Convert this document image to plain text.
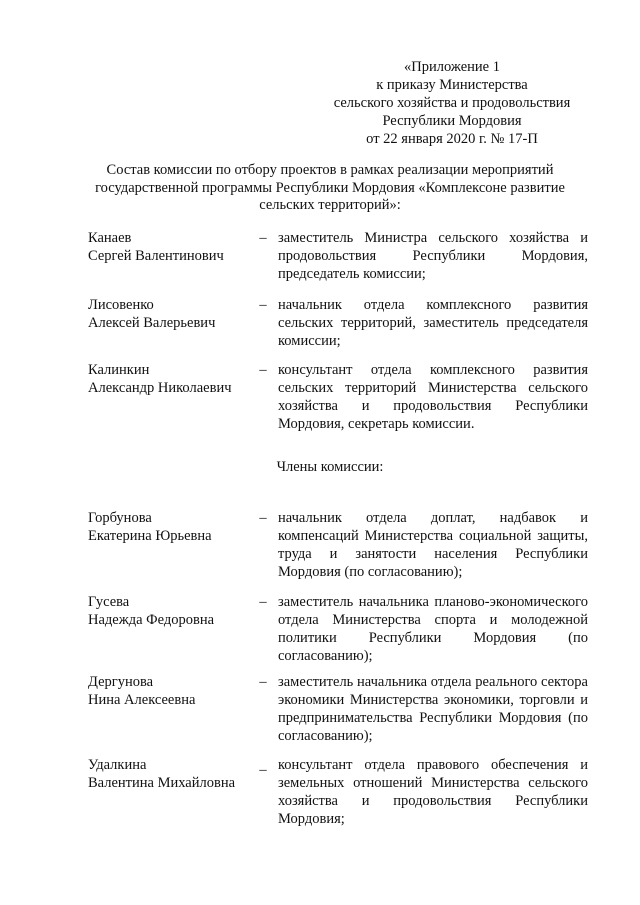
«Приложение 1
к приказу Министерства
сельского хозяйства и продовольствия
Республики Мордовия
от 22 января 2020 г. № 17-П
Состав комиссии по отбору проектов в рамках реализации мероприятий государственной программы Республики Мордовия «Комплексоне развитие сельских территорий»:
Канаев
Сергей Валентинович
– заместитель Министра сельского хозяйства и продовольствия Республики Мордовия, председатель комиссии;
Лисовенко
Алексей Валерьевич
– начальник отдела комплексного развития сельских территорий, заместитель председателя комиссии;
Калинкин
Александр Николаевич
– консультант отдела комплексного развития сельских территорий Министерства сельского хозяйства и продовольствия Республики Мордовия, секретарь комиссии.
Члены комиссии:
Горбунова
Екатерина Юрьевна
– начальник отдела доплат, надбавок и компенсаций Министерства социальной защиты, труда и занятости населения Республики Мордовия (по согласованию);
Гусева
Надежда Федоровна
– заместитель начальника планово-экономического отдела Министерства спорта и молодежной политики Республики Мордовия (по согласованию);
Дергунова
Нина Алексеевна
– заместитель начальника отдела реального сектора экономики Министерства экономики, торговли и предпринимательства Республики Мордовия (по согласованию);
Удалкина
Валентина Михайловна
_ консультант отдела правового обеспечения и земельных отношений Министерства сельского хозяйства и продовольствия Республики Мордовия;
